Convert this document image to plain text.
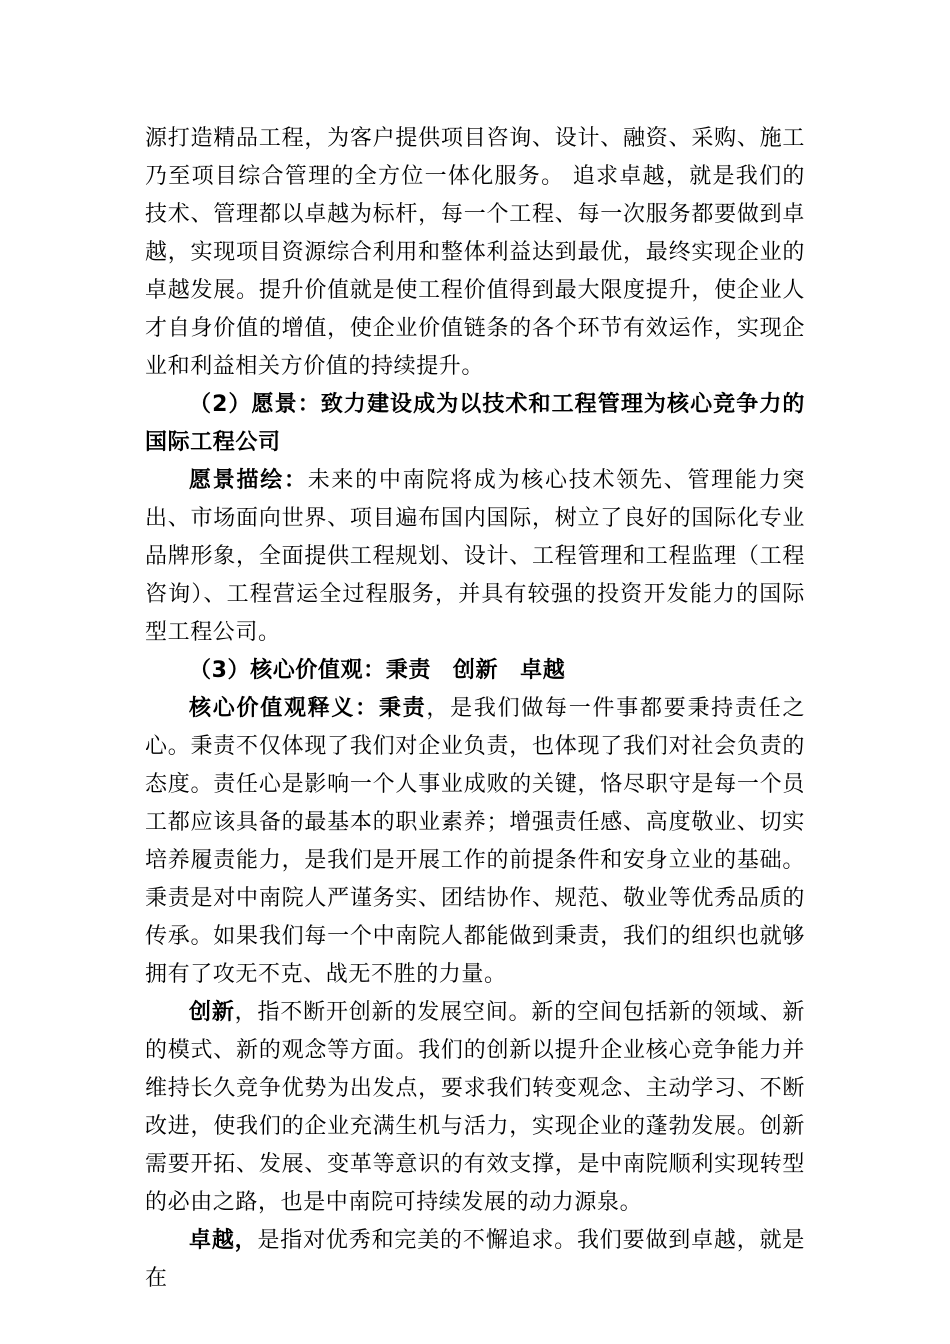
源打造精品工程，为客户提供项目咨询、设计、融资、采购、施工乃至项目综合管理的全方位一体化服务。 追求卓越，就是我们的技术、管理都以卓越为标杆，每一个工程、每一次服务都要做到卓越，实现项目资源综合利用和整体利益达到最优，最终实现企业的卓越发展。提升价值就是使工程价值得到最大限度提升，使企业人才自身价值的增值，使企业价值链条的各个环节有效运作，实现企业和利益相关方价值的持续提升。

（2）愿景：致力建设成为以技术和工程管理为核心竞争力的国际工程公司

愿景描绘：未来的中南院将成为核心技术领先、管理能力突出、市场面向世界、项目遍布国内国际，树立了良好的国际化专业品牌形象，全面提供工程规划、设计、工程管理和工程监理（工程咨询）、工程营运全过程服务，并具有较强的投资开发能力的国际型工程公司。

（3）核心价值观：秉责 创新 卓越

核心价值观释义：秉责，是我们做每一件事都要秉持责任之心。秉责不仅体现了我们对企业负责，也体现了我们对社会负责的态度。责任心是影响一个人事业成败的关键，恪尽职守是每一个员工都应该具备的最基本的职业素养；增强责任感、高度敬业、切实培养履责能力，是我们是开展工作的前提条件和安身立业的基础。秉责是对中南院人严谨务实、团结协作、规范、敬业等优秀品质的传承。如果我们每一个中南院人都能做到秉责，我们的组织也就够拥有了攻无不克、战无不胜的力量。

创新，指不断开创新的发展空间。新的空间包括新的领域、新的模式、新的观念等方面。我们的创新以提升企业核心竞争能力并维持长久竞争优势为出发点，要求我们转变观念、主动学习、不断改进，使我们的企业充满生机与活力，实现企业的蓬勃发展。创新需要开拓、发展、变革等意识的有效支撑，是中南院顺利实现转型的必由之路，也是中南院可持续发展的动力源泉。

卓越，是指对优秀和完美的不懈追求。我们要做到卓越，就是在
